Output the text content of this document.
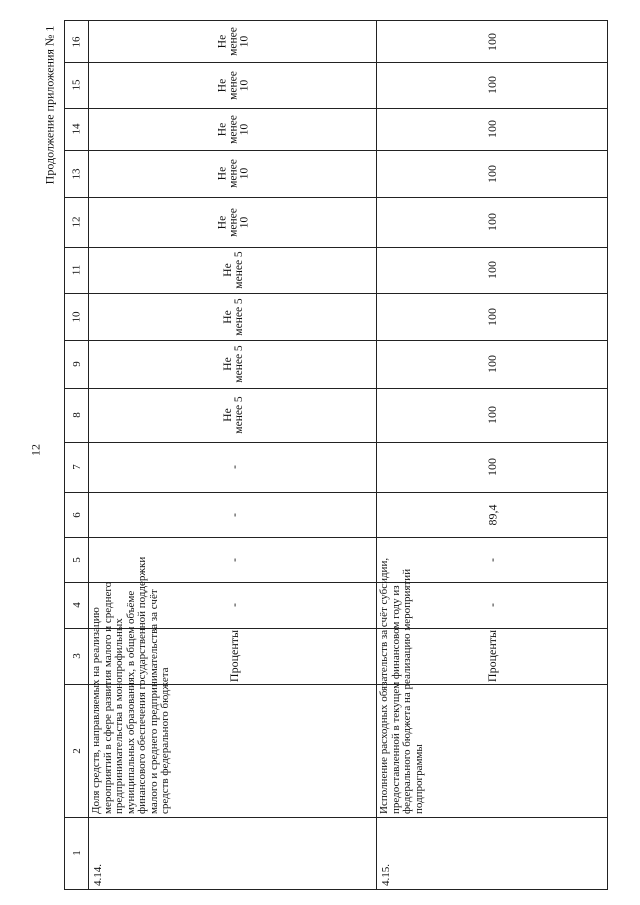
12
Продолжение приложения № 1
1
2
3
4
5
6
7
8
9
10
11
12
13
14
15
16
4.14.
Доля средств, направляемых на реализацию мероприятий в сфере развития малого и среднего предпринимательства в монопрофильных муниципальных образованиях, в общем объёме финансового обеспечения государственной поддержки малого и среднего предпринимательства за счёт средств федерального бюджета
Проценты
-
-
-
-
Не менее 5
Не менее 5
Не менее 5
Не менее 5
Не менее 10
Не менее 10
Не менее 10
Не менее 10
Не менее 10
4.15.
Исполнение расходных обязательств за счёт субсидии, предоставленной в текущем финансовом году из федерального бюджета на реализацию мероприятий подпрограммы
Проценты
-
-
89,4
100
100
100
100
100
100
100
100
100
100
